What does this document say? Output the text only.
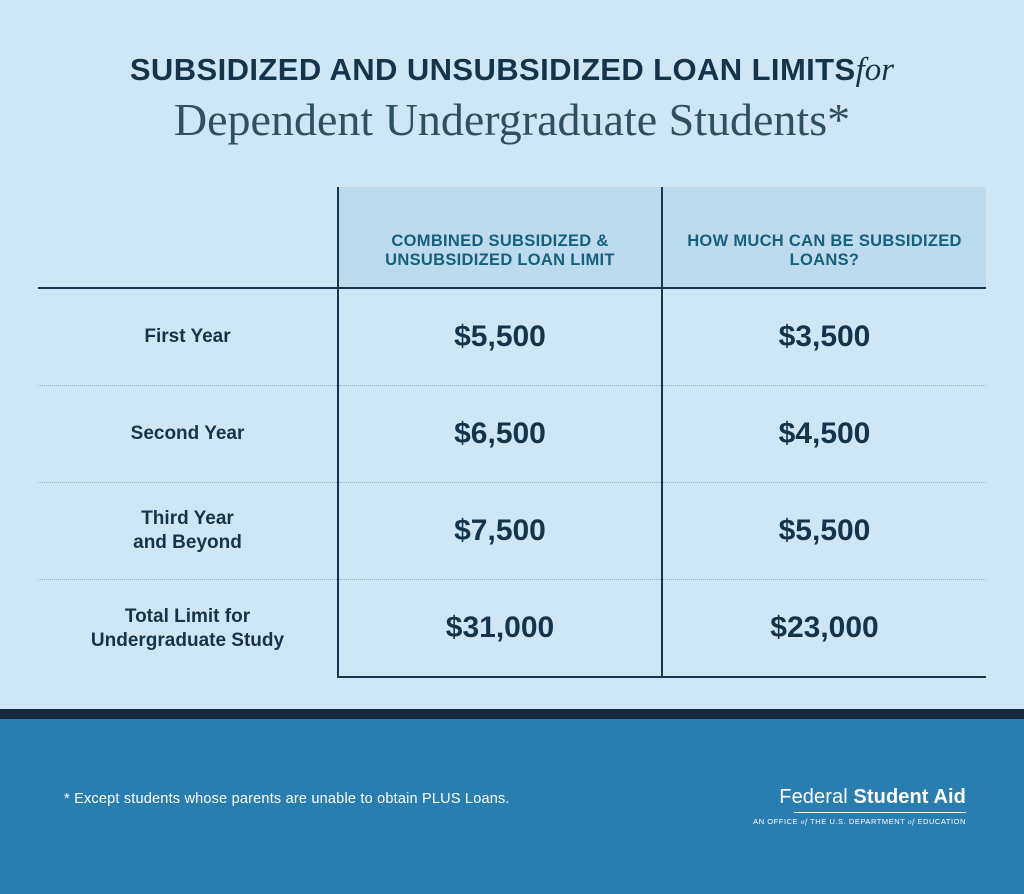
SUBSIDIZED AND UNSUBSIDIZED LOAN LIMITSfor
Dependent Undergraduate Students*
	COMBINED SUBSIDIZED & UNSUBSIDIZED LOAN LIMIT	HOW MUCH CAN BE SUBSIDIZED LOANS?
First Year	$5,500	$3,500
Second Year	$6,500	$4,500
Third Year
and Beyond	$7,500	$5,500
Total Limit for
Undergraduate Study	$31,000	$23,000
* Except students whose parents are unable to obtain PLUS Loans.	Federal Student Aid
AN OFFICE of THE U.S. DEPARTMENT of EDUCATION
